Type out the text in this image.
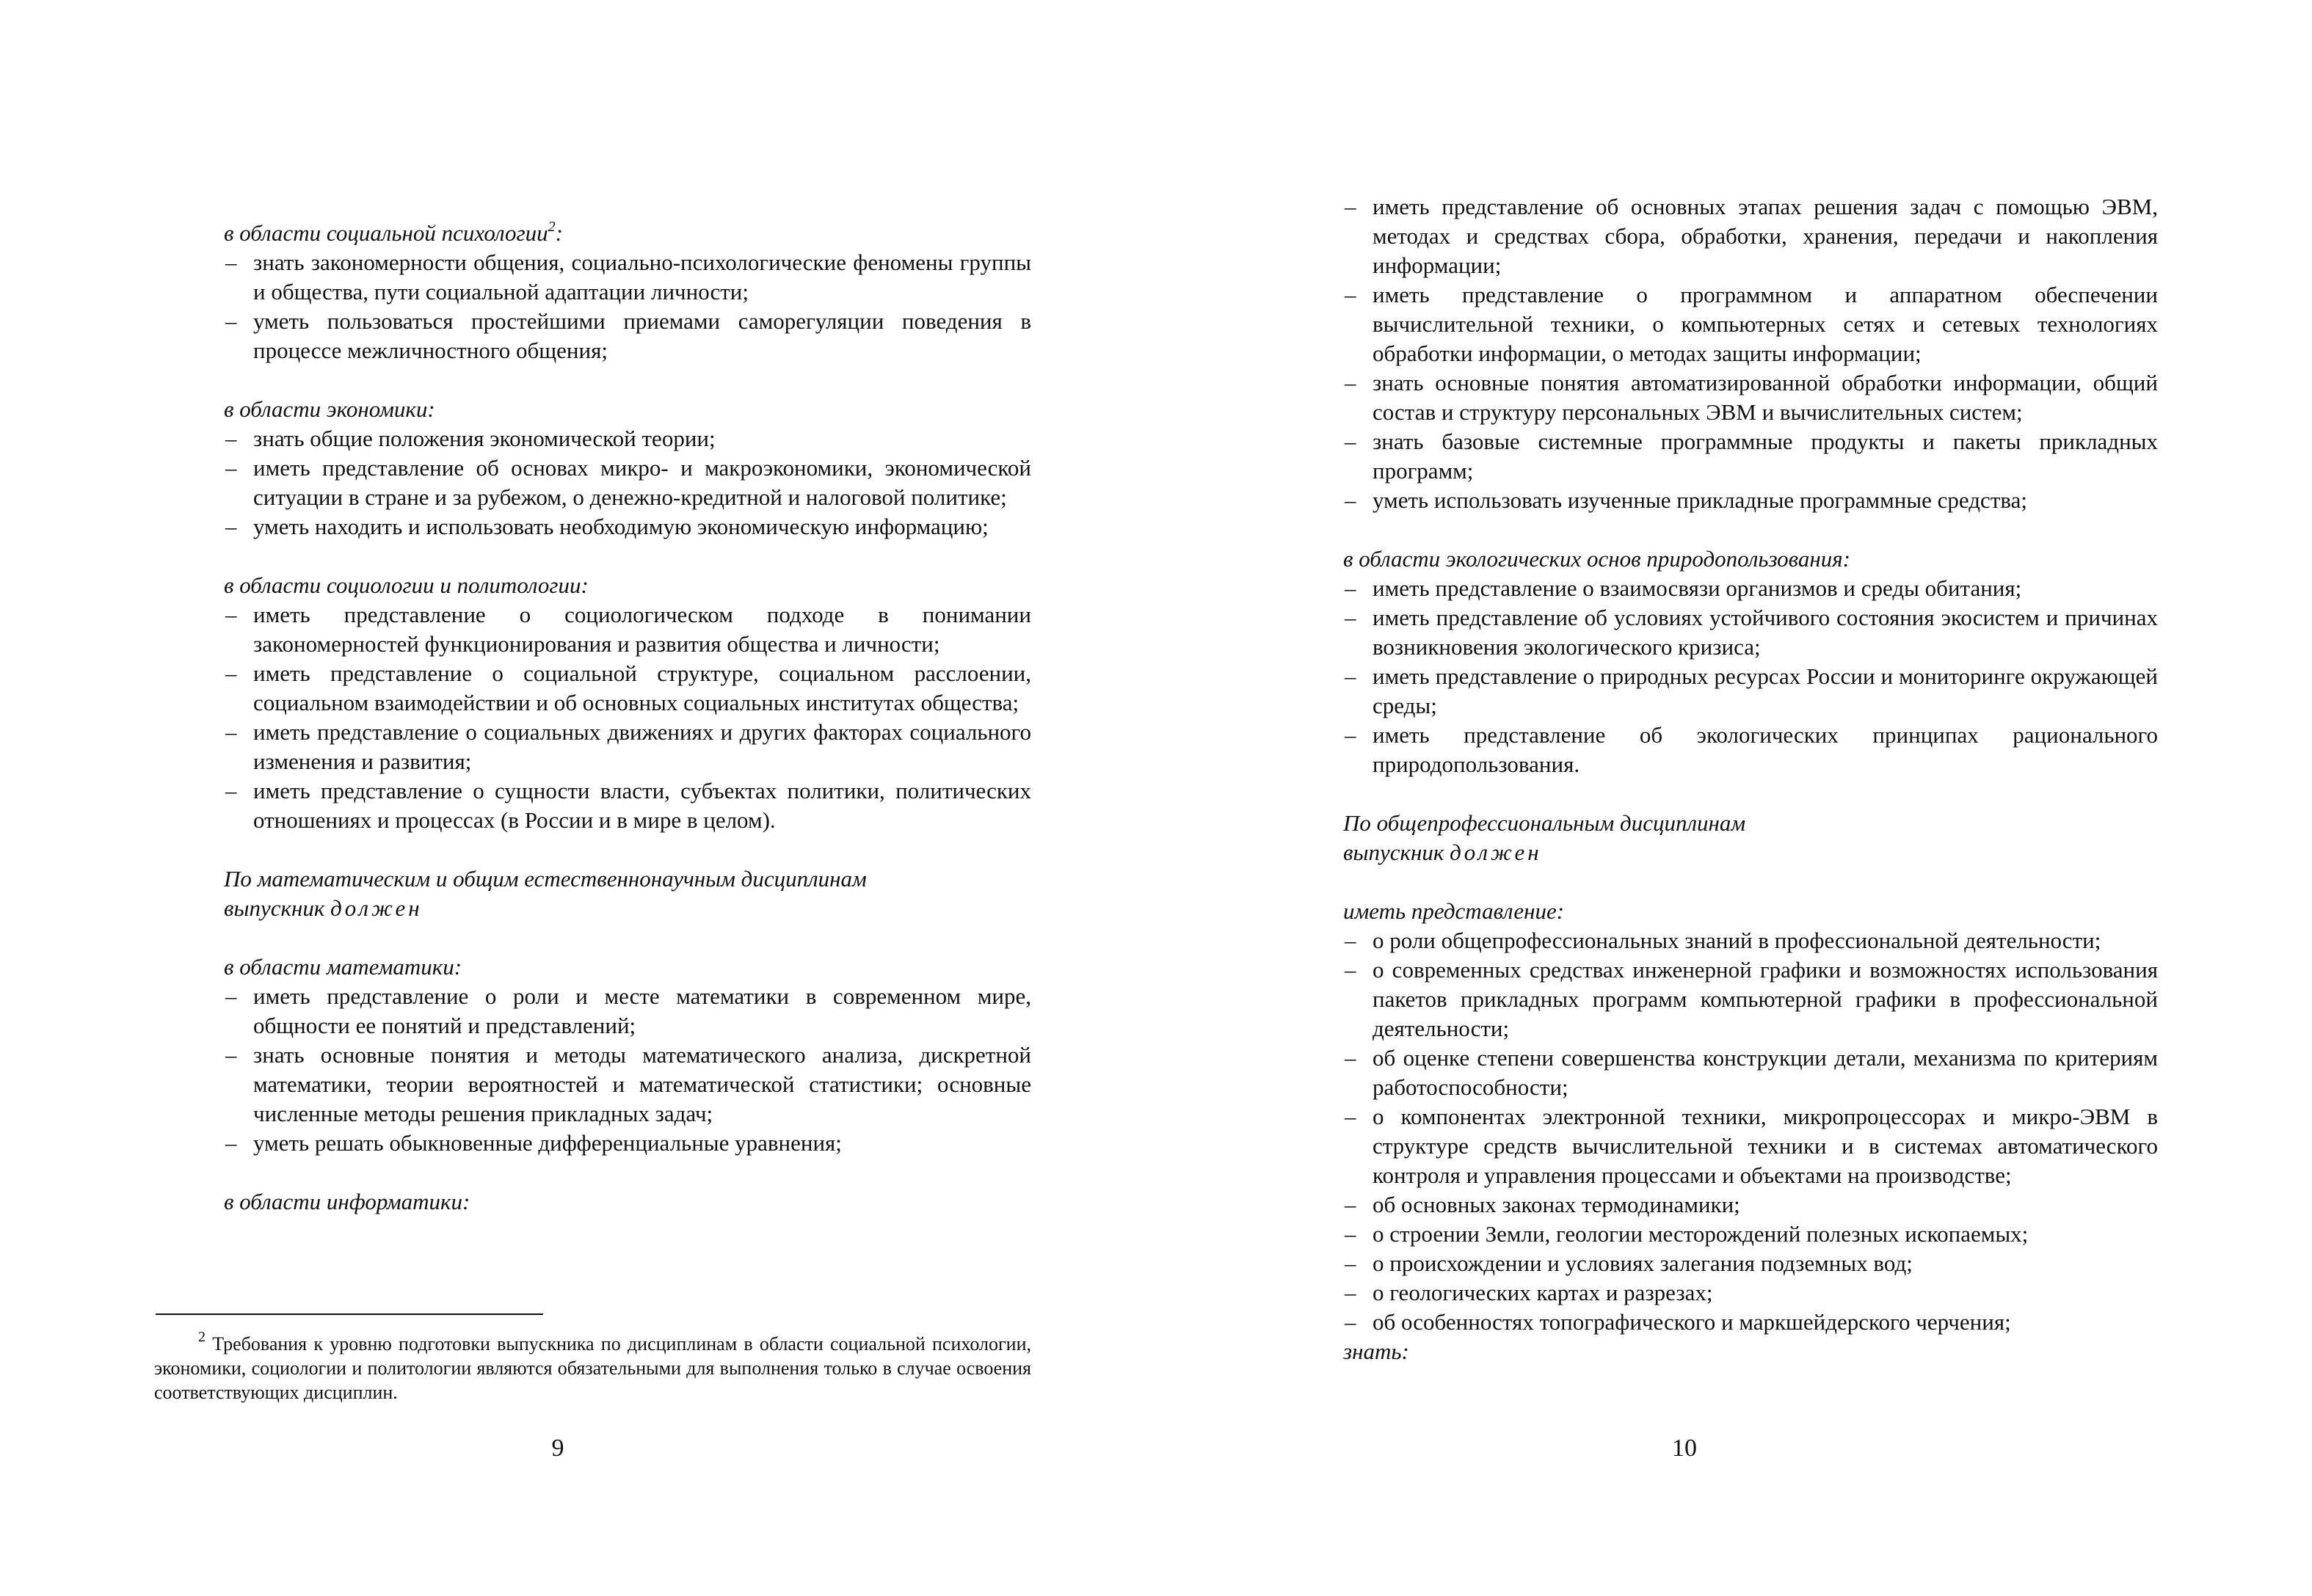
в области социальной психологии$^2$:

– знать закономерности общения, социально-психологические феномены группы и общества, пути социальной адаптации личности;
– уметь пользоваться простейшими приемами саморегуляции поведения в процессе межличностного общения;

в области экономики:

– знать общие положения экономической теории;
– иметь представление об основах микро- и макроэкономики, экономической ситуации в стране и за рубежом, о денежно-кредитной и налоговой политике;
– уметь находить и использовать необходимую экономическую информацию;

в области социологии и политологии:

– иметь представление о социологическом подходе в понимании закономерностей функционирования и развития общества и личности;
– иметь представление о социальной структуре, социальном расслоении, социальном взаимодействии и об основных социальных институтах общества;
– иметь представление о социальных движениях и других факторах социального изменения и развития;
– иметь представление о сущности власти, субъектах политики, политических отношениях и процессах (в России и в мире в целом).

По математическим и общим естественнонаучным дисциплинам
выпускник должен

в области математики:

– иметь представление о роли и месте математики в современном мире, общности ее понятий и представлений;
– знать основные понятия и методы математического анализа, дискретной математики, теории вероятностей и математической статистики; основные численные методы решения прикладных задач;
– уметь решать обыкновенные дифференциальные уравнения;

в области информатики:

$^2$ Требования к уровню подготовки выпускника по дисциплинам в области социальной психологии, экономики, социологии и политологии являются обязательными для выполнения только в случае освоения соответствующих дисциплин.
9
– иметь представление об основных этапах решения задач с помощью ЭВМ, методах и средствах сбора, обработки, хранения, передачи и накопления информации;
– иметь представление о программном и аппаратном обеспечении вычислительной техники, о компьютерных сетях и сетевых технологиях обработки информации, о методах защиты информации;
– знать основные понятия автоматизированной обработки информации, общий состав и структуру персональных ЭВМ и вычислительных систем;
– знать базовые системные программные продукты и пакеты прикладных программ;
– уметь использовать изученные прикладные программные средства;

в области экологических основ природопользования:

– иметь представление о взаимосвязи организмов и среды обитания;
– иметь представление об условиях устойчивого состояния экосистем и причинах возникновения экологического кризиса;
– иметь представление о природных ресурсах России и мониторинге окружающей среды;
– иметь представление об экологических принципах рационального природопользования.

По общепрофессиональным дисциплинам
выпускник должен

иметь представление:

– о роли общепрофессиональных знаний в профессиональной деятельности;
– о современных средствах инженерной графики и возможностях использования пакетов прикладных программ компьютерной графики в профессиональной деятельности;
– об оценке степени совершенства конструкции детали, механизма по критериям работоспособности;
– о компонентах электронной техники, микропроцессорах и микро-ЭВМ в структуре средств вычислительной техники и в системах автоматического контроля и управления процессами и объектами на производстве;
– об основных законах термодинамики;
– о строении Земли, геологии месторождений полезных ископаемых;
– о происхождении и условиях залегания подземных вод;
– о геологических картах и разрезах;
– об особенностях топографического и маркшейдерского черчения;

знать:

10
